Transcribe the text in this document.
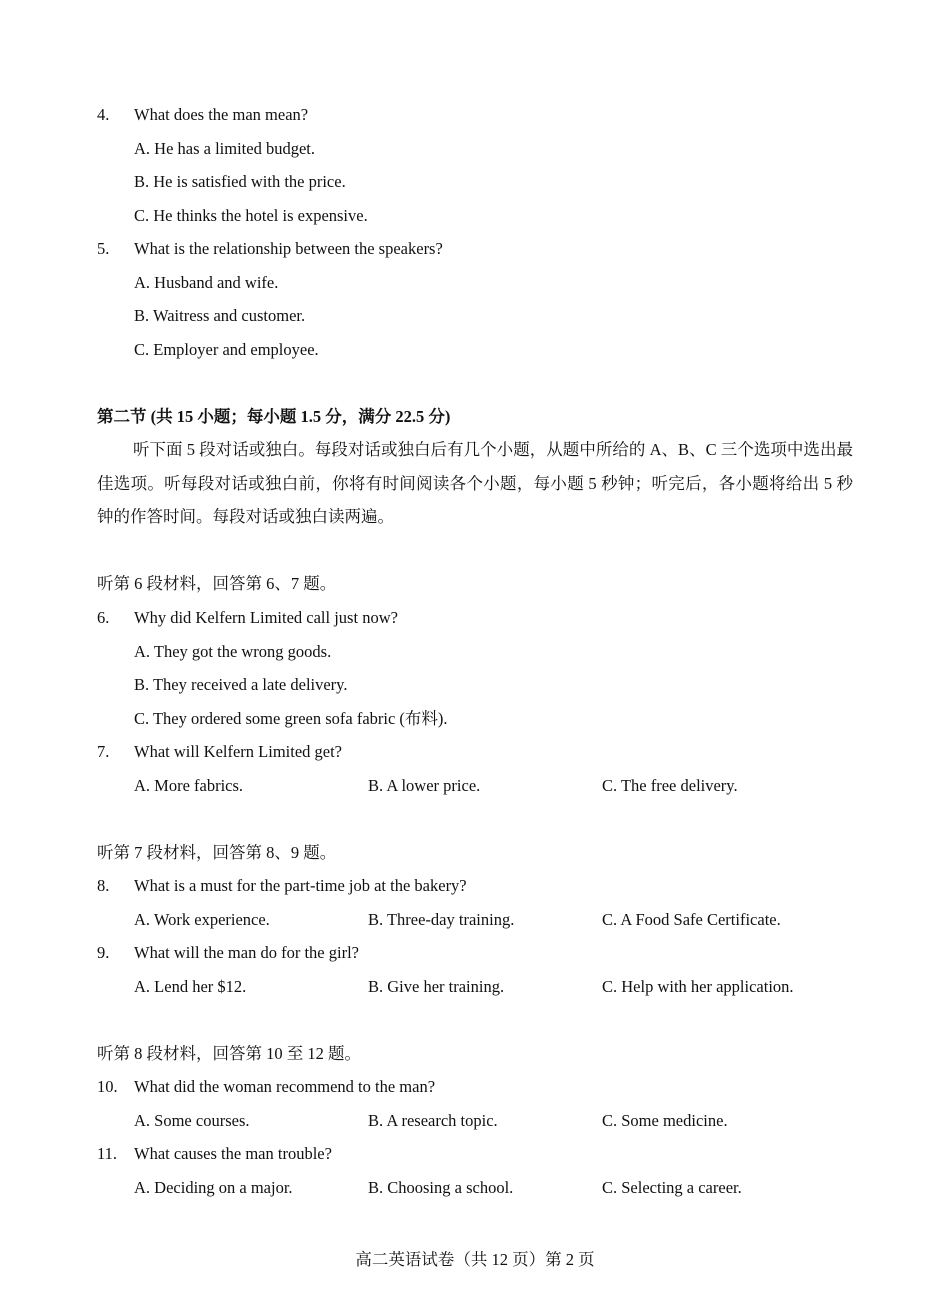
4. What does the man mean?
A. He has a limited budget.
B. He is satisfied with the price.
C. He thinks the hotel is expensive.
5. What is the relationship between the speakers?
A. Husband and wife.
B. Waitress and customer.
C. Employer and employee.
第二节 (共 15 小题；每小题 1.5 分，满分 22.5 分)
听下面 5 段对话或独白。每段对话或独白后有几个小题，从题中所给的 A、B、C 三个选项中选出最佳选项。听每段对话或独白前，你将有时间阅读各个小题，每小题 5 秒钟；听完后，各小题将给出 5 秒钟的作答时间。每段对话或独白读两遍。
听第 6 段材料，回答第 6、7 题。
6. Why did Kelfern Limited call just now?
A. They got the wrong goods.
B. They received a late delivery.
C. They ordered some green sofa fabric (布料).
7. What will Kelfern Limited get?
A. More fabrics.	B. A lower price.	C. The free delivery.
听第 7 段材料，回答第 8、9 题。
8. What is a must for the part-time job at the bakery?
A. Work experience.	B. Three-day training.	C. A Food Safe Certificate.
9. What will the man do for the girl?
A. Lend her $12.	B. Give her training.	C. Help with her application.
听第 8 段材料，回答第 10 至 12 题。
10. What did the woman recommend to the man?
A. Some courses.	B. A research topic.	C. Some medicine.
11. What causes the man trouble?
A. Deciding on a major.	B. Choosing a school.	C. Selecting a career.
高二英语试卷（共 12 页）第 2 页
